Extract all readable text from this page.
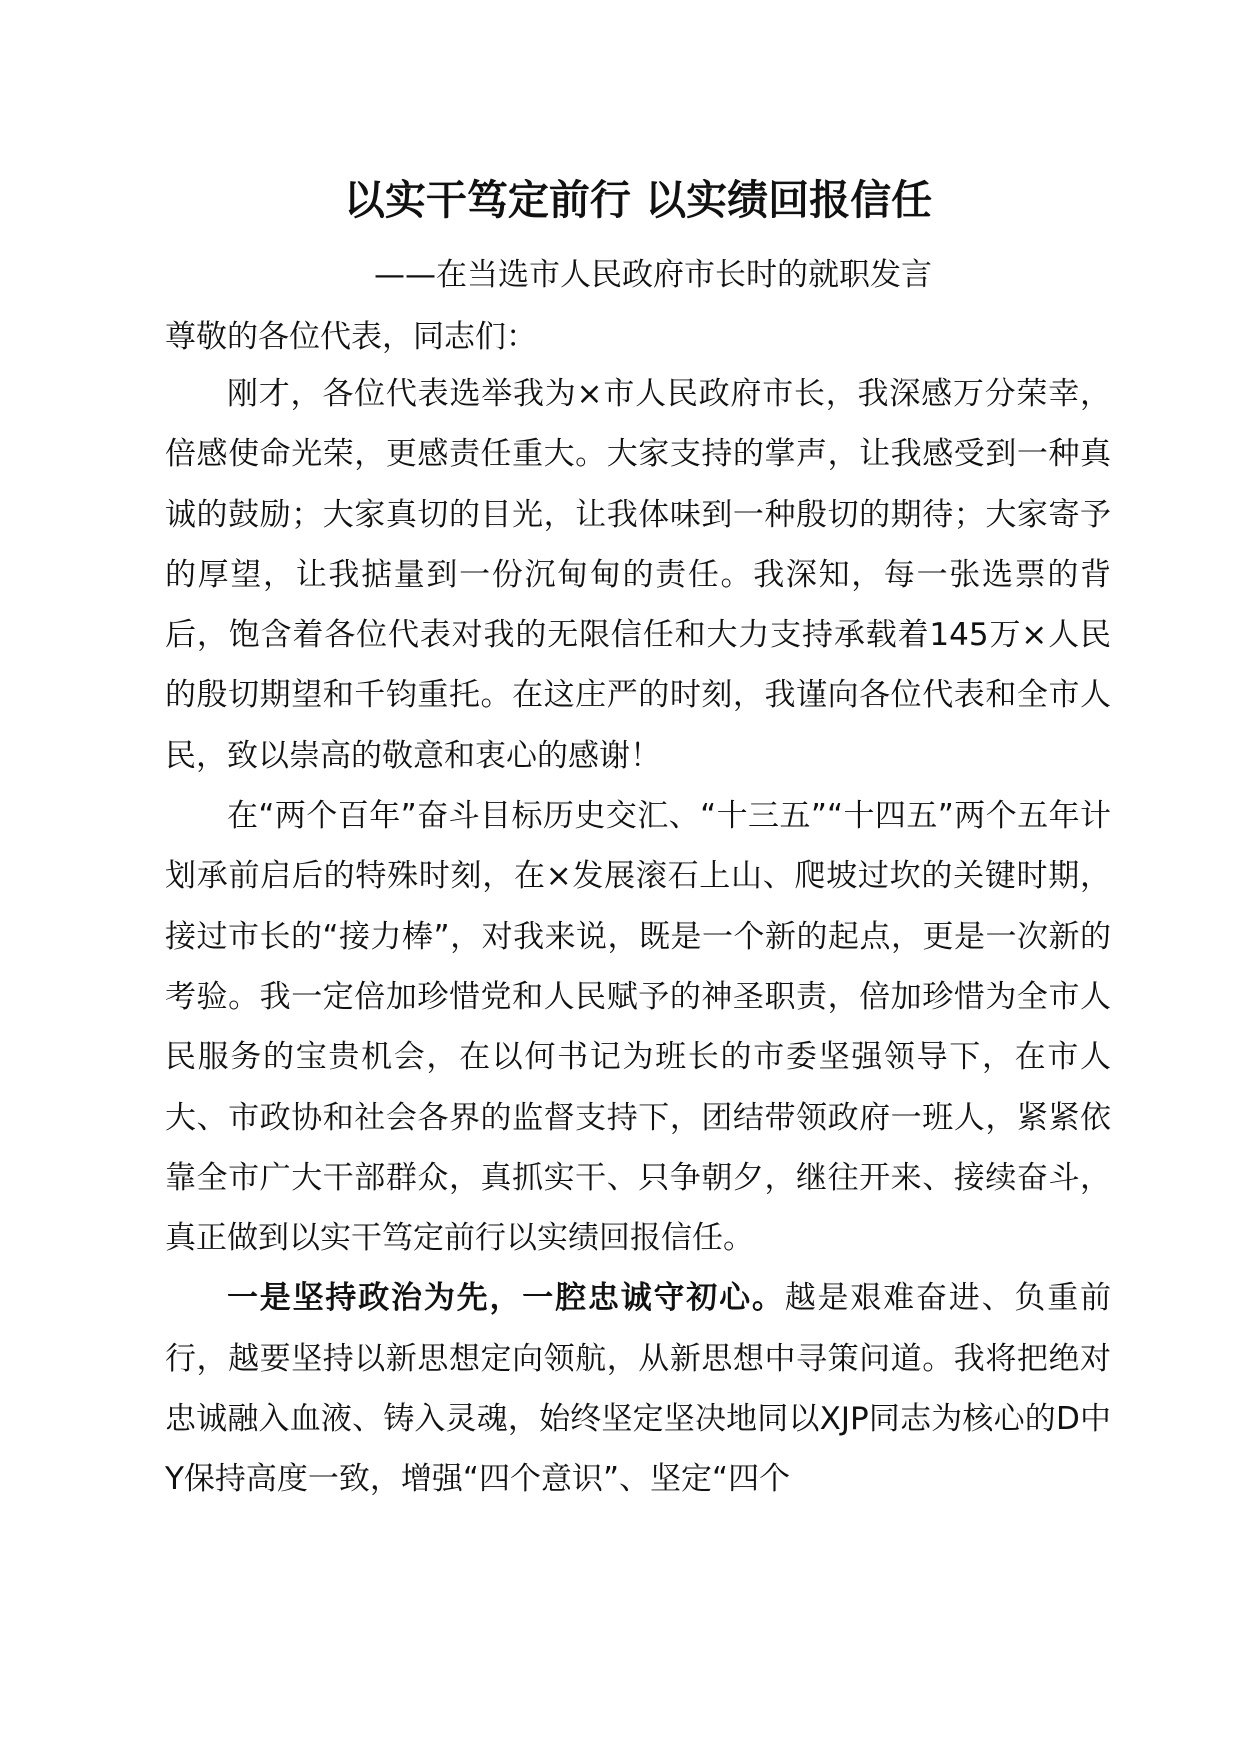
以实干笃定前行 以实绩回报信任

——在当选市人民政府市长时的就职发言

尊敬的各位代表，同志们：

刚才，各位代表选举我为×市人民政府市长，我深感万分荣幸，倍感使命光荣，更感责任重大。大家支持的掌声，让我感受到一种真诚的鼓励；大家真切的目光，让我体味到一种殷切的期待；大家寄予的厚望，让我掂量到一份沉甸甸的责任。我深知，每一张选票的背后，饱含着各位代表对我的无限信任和大力支持承载着145万×人民的殷切期望和千钧重托。在这庄严的时刻，我谨向各位代表和全市人民，致以崇高的敬意和衷心的感谢！

在“两个百年”奋斗目标历史交汇、“十三五”“十四五”两个五年计划承前启后的特殊时刻，在×发展滚石上山、爬坡过坎的关键时期，接过市长的“接力棒”，对我来说，既是一个新的起点，更是一次新的考验。我一定倍加珍惜党和人民赋予的神圣职责，倍加珍惜为全市人民服务的宝贵机会，在以何书记为班长的市委坚强领导下，在市人大、市政协和社会各界的监督支持下，团结带领政府一班人，紧紧依靠全市广大干部群众，真抓实干、只争朝夕，继往开来、接续奋斗，真正做到以实干笃定前行以实绩回报信任。

一是坚持政治为先，一腔忠诚守初心。越是艰难奋进、负重前行，越要坚持以新思想定向领航，从新思想中寻策问道。我将把绝对忠诚融入血液、铸入灵魂，始终坚定坚决地同以XJP同志为核心的D中Y保持高度一致，增强“四个意识”、坚定“四个
